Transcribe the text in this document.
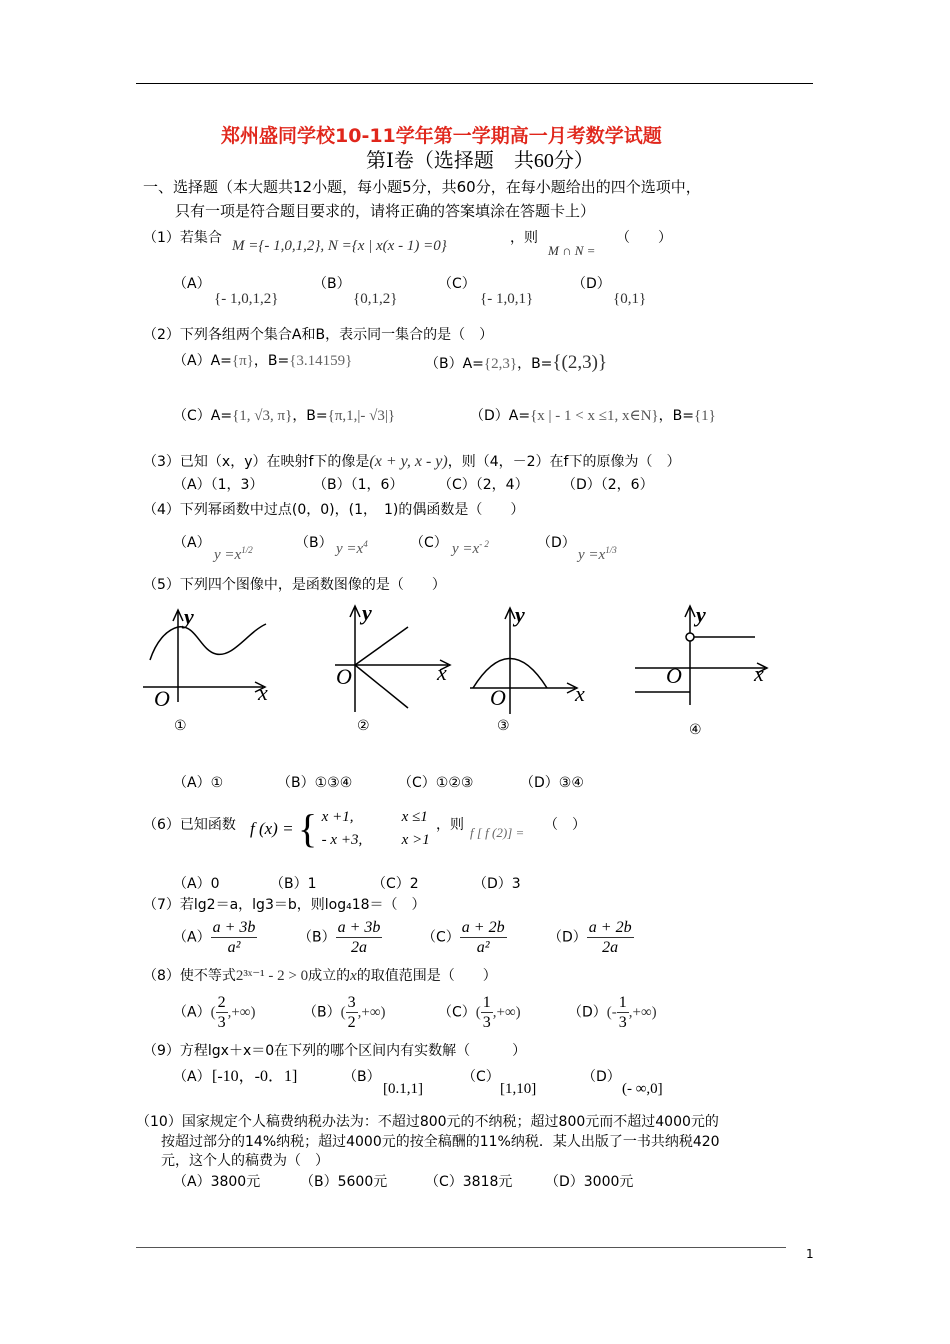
郑州盛同学校10-11学年第一学期高一月考数学试题
第Ⅰ卷（选择题　共60分）
一、选择题（本大题共12小题，每小题5分，共60分，在每小题给出的四个选项中，
只有一项是符合题目要求的，请将正确的答案填涂在答题卡上）
（1）若集合 M ={- 1,0,1,2}, N ={x | x(x - 1) =0}	，则
M ∩ N =
（　　）
（A）
{- 1,0,1,2}
（B）
{0,1,2}
（C）
{- 1,0,1}
（D）
{0,1}
（2）下列各组两个集合A和B，表示同一集合的是（　）
（A）A={π}，B={3.14159}	（B）A={2,3}，B={(2,3)}
（C）A={1, √3, π}，B={π,1,|- √3|}	（D）A={x | - 1 < x ≤1, x∈N}，B={1}
（3）已知（x，y）在映射f下的像是(x + y, x - y)，则（4，－2）在f下的原像为（　）
（A）（1，3）	（B）（1，6） （C）（2，4） （D）（2，6）
（4）下列幂函数中过点(0，0)，(1，　1)的偶函数是（　　）
（A）
$y =x^{1/2}$	（B） $y =x^4$	（C） $y =x^{- 2}$	（D）
$y =x^{1/3}$
（5）下列四个图像中，是函数图像的是（　　）
y
x
O
①
y
x
O
②
y
x
O
③
y
x
O
④
（A）①	（B）①③④	（C）①②③	（D）③④
（6）已知函数 f (x) = { x +1,	x ≤1
- x +3,	x >1
，则 f [ f (2)] = （　）
（A）0	（B）1	（C）2	（D）3
（7）若lg2＝a，lg3＝b，则log₄18＝（　）
$(A) \frac{a + 3b}{\text{a²}}$	$(B) \frac{a + 3b}{2a}$	$(C) \frac{a + 2b}{\text{a²}}$	$(D) \frac{a + 2b}{2a}$
（8）使不等式2³ˣ⁻¹ - 2 > 0成立的x的取值范围是（　　）
$(A)( \frac{2}{3}$ ,+∞)	$(B)( \frac{3}{2}$ ,+∞)	$(C)( \frac{1}{3}$ ,+∞)	$(D)(- \frac{1}{3}$ ,+∞)
（9）方程lgx＋x＝0在下列的哪个区间内有实数解（　　　）
（A） [-10，-0．1]	（B）
[0.1,1]
（C）
[1,10]
（D）
(- ∞,0]
（10）国家规定个人稿费纳税办法为：不超过800元的不纳税；超过800元而不超过4000元的
按超过部分的14%纳税；超过4000元的按全稿酬的11%纳税．某人出版了一书共纳税420
元，这个人的稿费为（　）
（A）3800元	（B）5600元	（C）3818元 （D）3000元
1
